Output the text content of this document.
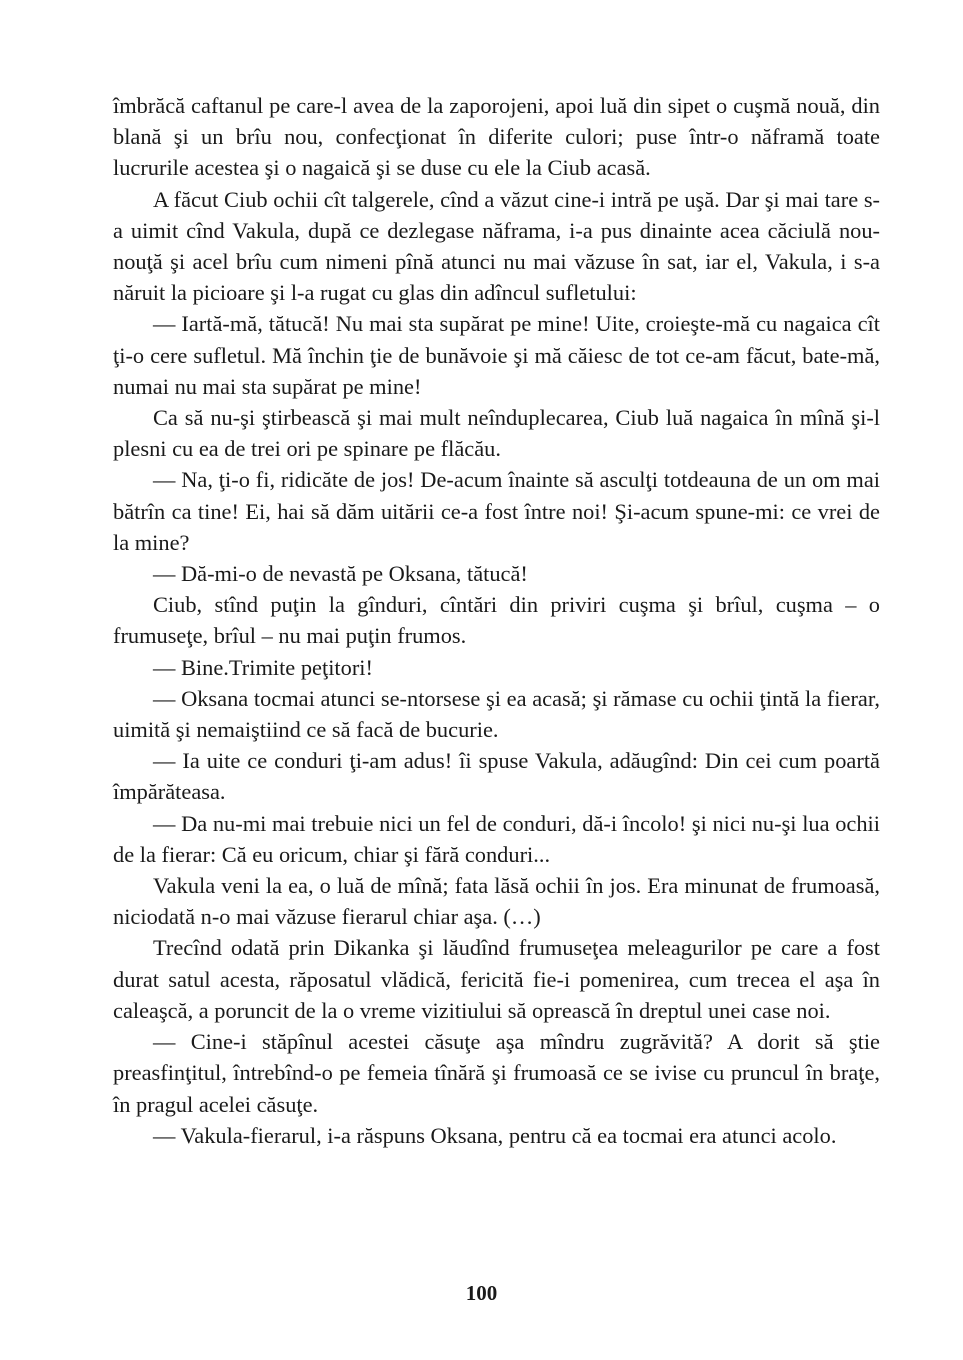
îmbrăcă caftanul pe care-l avea de la zaporojeni, apoi luă din sipet o cuşmă nouă, din blană şi un brîu nou, confecţionat în diferite culori; puse într-o năframă toate lucrurile acestea şi o nagaică şi se duse cu ele la Ciub acasă.

A făcut Ciub ochii cît talgerele, cînd a văzut cine-i intră pe uşă. Dar şi mai tare s-a uimit cînd Vakula, după ce dezlegase năframa, i-a pus dinainte acea căciulă nou-nouţă şi acel brîu cum nimeni pînă atunci nu mai văzuse în sat, iar el, Vakula, i s-a năruit la picioare şi l-a rugat cu glas din adîncul sufletului:

— Iartă-mă, tătucă! Nu mai sta supărat pe mine! Uite, croieşte-mă cu nagaica cît ţi-o cere sufletul. Mă închin ţie de bunăvoie şi mă căiesc de tot ce-am făcut, bate-mă, numai nu mai sta supărat pe mine!

Ca să nu-şi ştirbească şi mai mult neînduplecarea, Ciub luă nagaica în mînă şi-l plesni cu ea de trei ori pe spinare pe flăcău.

— Na, ţi-o fi, ridicăte de jos! De-acum înainte să asculţi totdeauna de un om mai bătrîn ca tine! Ei, hai să dăm uitării ce-a fost între noi! Şi-acum spune-mi: ce vrei de la mine?

— Dă-mi-o de nevastă pe Oksana, tătucă!

Ciub, stînd puţin la gînduri, cîntări din priviri cuşma şi brîul, cuşma – o frumuseţe, brîul – nu mai puţin frumos.

— Bine.Trimite peţitori!

— Oksana tocmai atunci se-ntorsese şi ea acasă; şi rămase cu ochii ţintă la fierar, uimită şi nemaiştiind ce să facă de bucurie.

— Ia uite ce conduri ţi-am adus! îi spuse Vakula, adăugînd: Din cei cum poartă împărăteasa.

— Da nu-mi mai trebuie nici un fel de conduri, dă-i încolo! şi nici nu-şi lua ochii de la fierar: Că eu oricum, chiar şi fără conduri...

Vakula veni la ea, o luă de mînă; fata lăsă ochii în jos. Era minunat de frumoasă, niciodată n-o mai văzuse fierarul chiar aşa. (…)

Trecînd odată prin Dikanka şi lăudînd frumuseţea meleagurilor pe care a fost durat satul acesta, răposatul vlădică, fericită fie-i pomenirea, cum trecea el aşa în caleaşcă, a poruncit de la o vreme vizitiului să oprească în dreptul unei case noi.

— Cine-i stăpînul acestei căsuţe aşa mîndru zugrăvită? A dorit să ştie preasfinţitul, întrebînd-o pe femeia tînără şi frumoasă ce se ivise cu pruncul în braţe, în pragul acelei căsuţe.

— Vakula-fierarul, i-a răspuns Oksana, pentru că ea tocmai era atunci acolo.

100
